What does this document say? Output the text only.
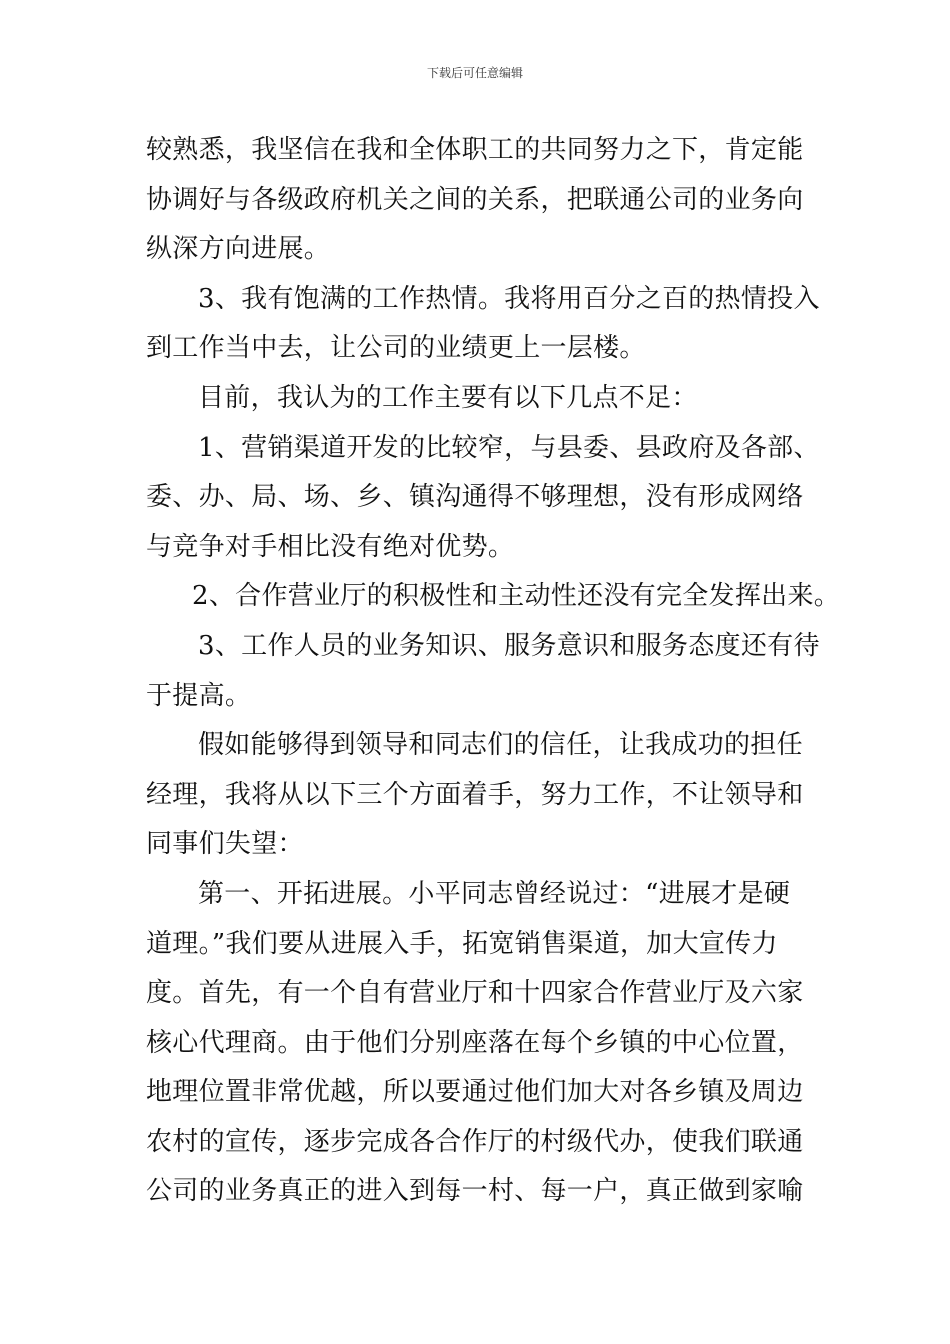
下载后可任意编辑
较熟悉，我坚信在我和全体职工的共同努力之下，肯定能
协调好与各级政府机关之间的关系，把联通公司的业务向
纵深方向进展。
3、我有饱满的工作热情。我将用百分之百的热情投入
到工作当中去，让公司的业绩更上一层楼。
目前，我认为的工作主要有以下几点不足：
1、营销渠道开发的比较窄，与县委、县政府及各部、
委、办、局、场、乡、镇沟通得不够理想，没有形成网络
与竞争对手相比没有绝对优势。
2、合作营业厅的积极性和主动性还没有完全发挥出来。
3、工作人员的业务知识、服务意识和服务态度还有待
于提高。
假如能够得到领导和同志们的信任，让我成功的担任
经理，我将从以下三个方面着手，努力工作，不让领导和
同事们失望：
第一、开拓进展。小平同志曾经说过：“进展才是硬
道理。”我们要从进展入手，拓宽销售渠道，加大宣传力
度。首先，有一个自有营业厅和十四家合作营业厅及六家
核心代理商。由于他们分别座落在每个乡镇的中心位置，
地理位置非常优越，所以要通过他们加大对各乡镇及周边
农村的宣传，逐步完成各合作厅的村级代办，使我们联通
公司的业务真正的进入到每一村、每一户，真正做到家喻
